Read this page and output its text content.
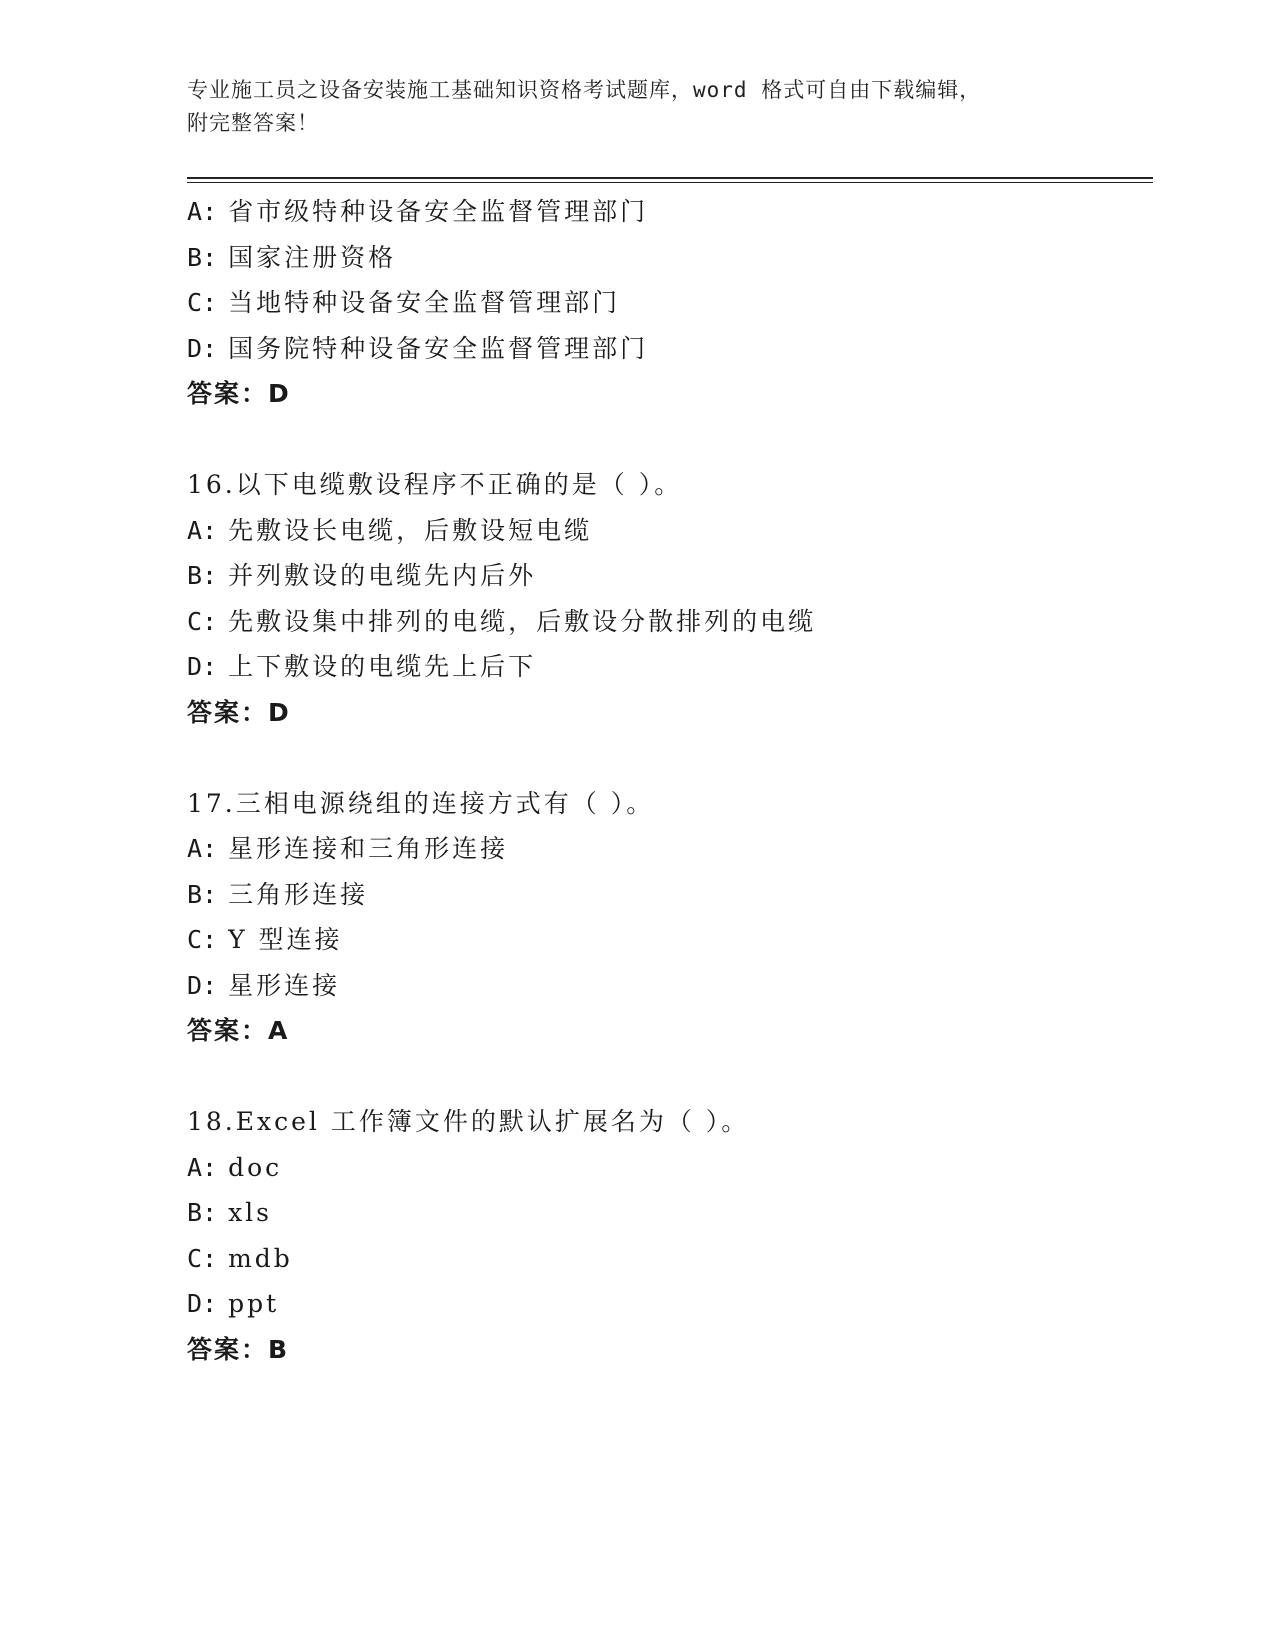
专业施工员之设备安装施工基础知识资格考试题库，word 格式可自由下载编辑，
附完整答案！
A: 省市级特种设备安全监督管理部门
B: 国家注册资格
C: 当地特种设备安全监督管理部门
D: 国务院特种设备安全监督管理部门
答案：D
16.以下电缆敷设程序不正确的是（ ）。
A: 先敷设长电缆，后敷设短电缆
B: 并列敷设的电缆先内后外
C: 先敷设集中排列的电缆，后敷设分散排列的电缆
D: 上下敷设的电缆先上后下
答案：D
17.三相电源绕组的连接方式有（ ）。
A: 星形连接和三角形连接
B: 三角形连接
C: Y 型连接
D: 星形连接
答案：A
18.Excel 工作簿文件的默认扩展名为（ ）。
A: doc
B: xls
C: mdb
D: ppt
答案：B
